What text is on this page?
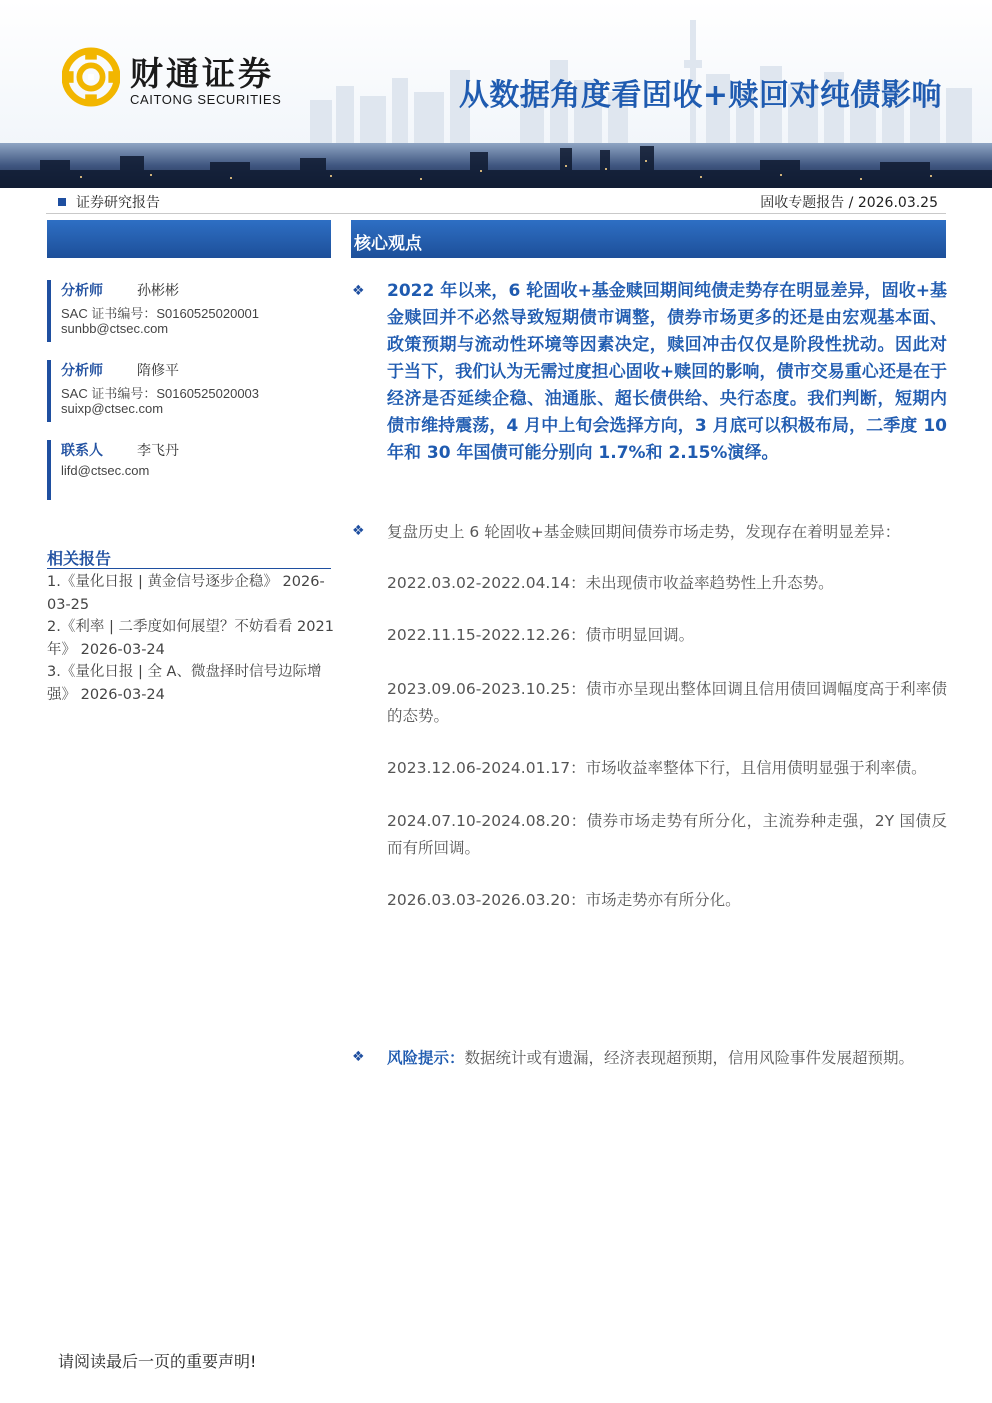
财通证券
CAITONG SECURITIES	从数据角度看固收+赎回对纯债影响
证券研究报告	固收专题报告 / 2026.03.25
分析师 孙彬彬
SAC 证书编号：S0160525020001
sunbb@ctsec.com
分析师 隋修平
SAC 证书编号：S0160525020003
suixp@ctsec.com
联系人 李飞丹
lifd@ctsec.com
相关报告
1.《量化日报 | 黄金信号逐步企稳》 2026-03-25
2.《利率 | 二季度如何展望？不妨看看 2021年》 2026-03-24
3.《量化日报 | 全 A、微盘择时信号边际增强》 2026-03-24
核心观点
❖ 2022 年以来，6 轮固收+基金赎回期间纯债走势存在明显差异，固收+基金赎回并不必然导致短期债市调整，债券市场更多的还是由宏观基本面、政策预期与流动性环境等因素决定，赎回冲击仅仅是阶段性扰动。因此对于当下，我们认为无需过度担心固收+赎回的影响，债市交易重心还是在于经济是否延续企稳、油通胀、超长债供给、央行态度。我们判断，短期内债市维持震荡，4 月中上旬会选择方向，3 月底可以积极布局，二季度 10 年和 30 年国债可能分别向 1.7%和 2.15%演绎。
❖ 复盘历史上 6 轮固收+基金赎回期间债券市场走势，发现存在着明显差异：
2022.03.02-2022.04.14：未出现债市收益率趋势性上升态势。
2022.11.15-2022.12.26：债市明显回调。
2023.09.06-2023.10.25：债市亦呈现出整体回调且信用债回调幅度高于利率债的态势。
2023.12.06-2024.01.17：市场收益率整体下行，且信用债明显强于利率债。
2024.07.10-2024.08.20：债券市场走势有所分化，主流券种走强，2Y 国债反而有所回调。
2026.03.03-2026.03.20：市场走势亦有所分化。
❖ 风险提示：数据统计或有遗漏，经济表现超预期，信用风险事件发展超预期。
请阅读最后一页的重要声明!
